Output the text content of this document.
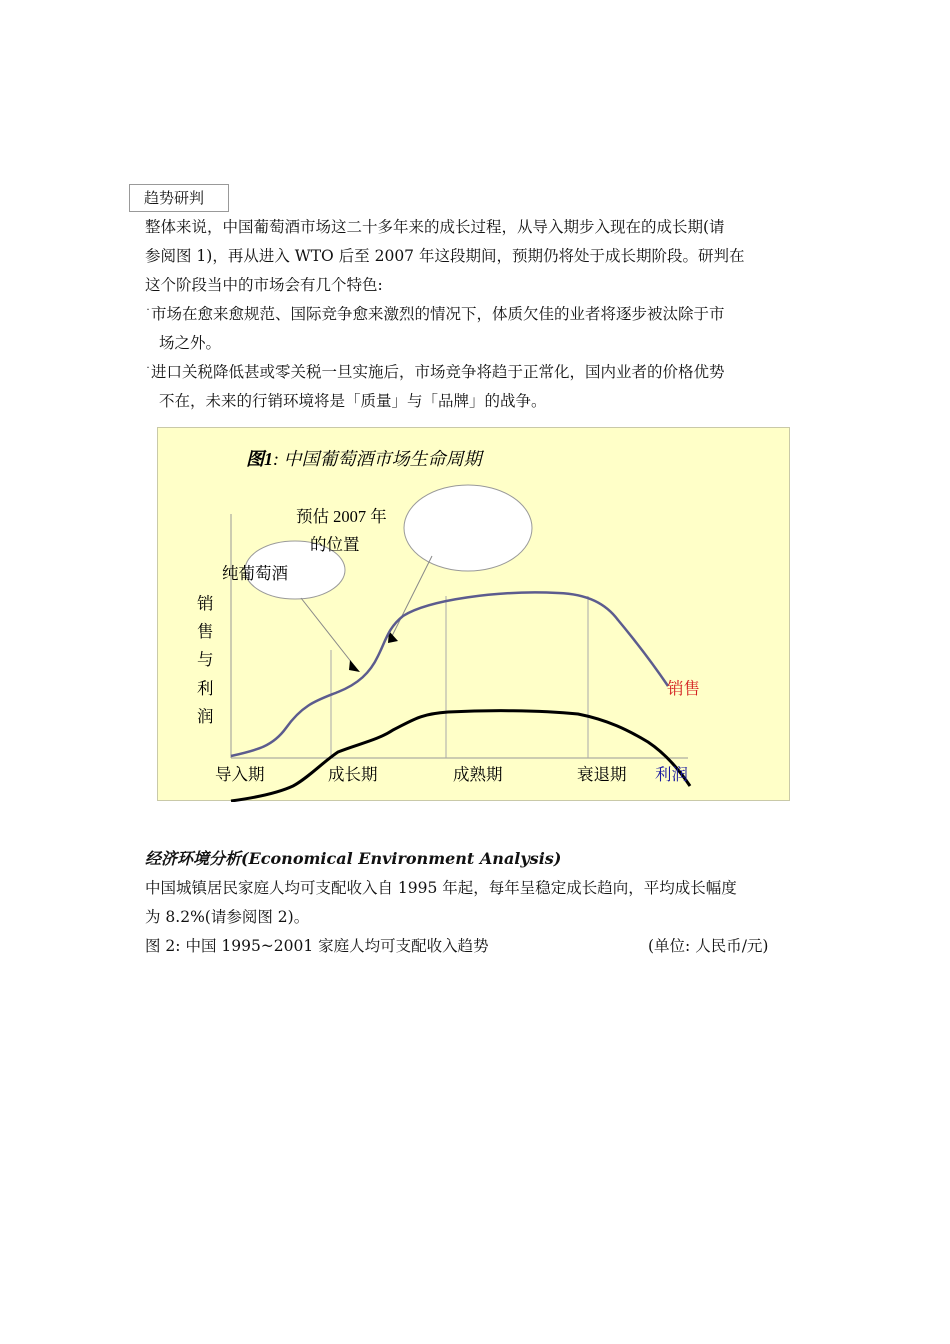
趋势研判
整体来说，中国葡萄酒市场这二十多年来的成长过程，从导入期步入现在的成长期(请
参阅图 1)，再从进入 WTO 后至 2007 年这段期间，预期仍将处于成长期阶段。研判在
这个阶段当中的市场会有几个特色:
˙市场在愈来愈规范、国际竞争愈来激烈的情况下，体质欠佳的业者将逐步被汰除于市
场之外。
˙进口关税降低甚或零关税一旦实施后，市场竞争将趋于正常化，国内业者的价格优势
不在，未来的行销环境将是「质量」与「品牌」的战争。
图1: 中国葡萄酒市场生命周期
预估 2007 年
的位置
纯葡萄酒
销
售
与
利
润
导入期	成长期	成熟期	衰退期
销售
利润
经济环境分析(Economical Environment Analysis)
中国城镇居民家庭人均可支配收入自 1995 年起，每年呈稳定成长趋向，平均成长幅度
为 8.2%(请参阅图 2)。
图 2: 中国 1995~2001 家庭人均可支配收入趋势	(单位: 人民币/元)
